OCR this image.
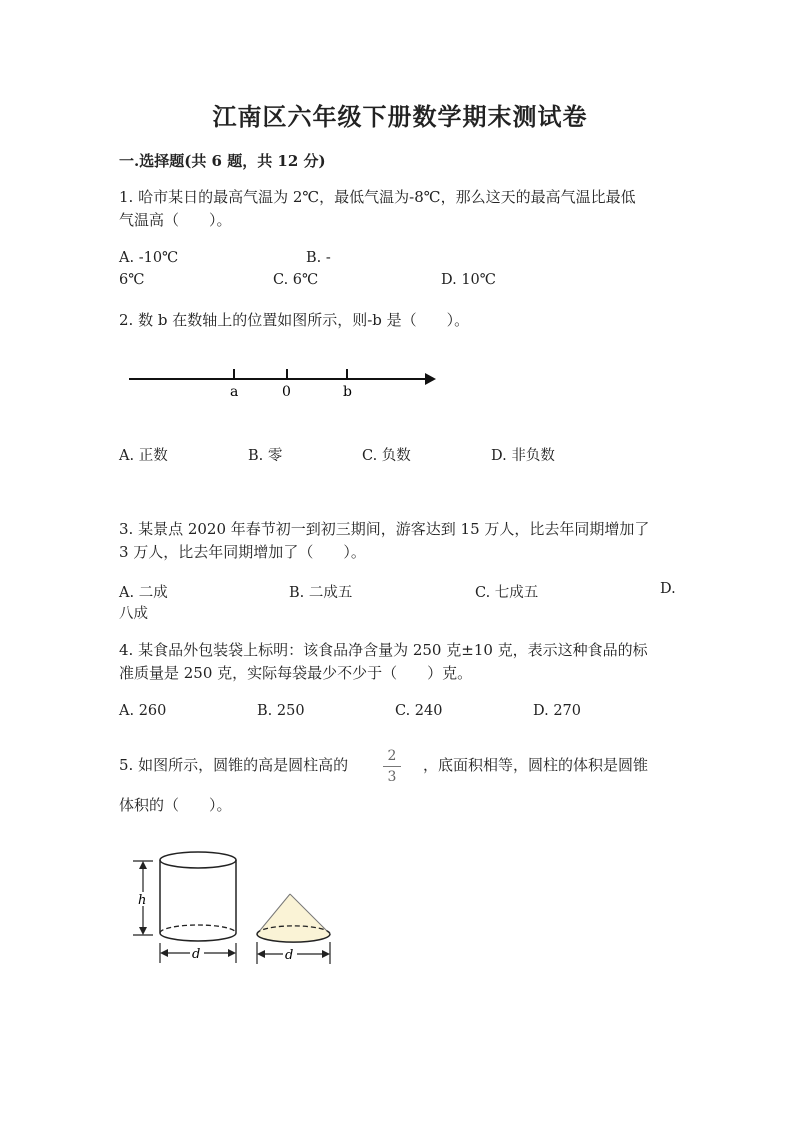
江南区六年级下册数学期末测试卷
一.选择题(共 6 题，共 12 分)
1. 哈市某日的最高气温为 2℃，最低气温为-8℃，那么这天的最高气温比最低
气温高（　　）。
A. -10℃	B. -
6℃	C. 6℃	D. 10℃
2. 数 b 在数轴上的位置如图所示，则-b 是（　　）。
a	0	b
A. 正数	B. 零	C. 负数	D. 非负数
3. 某景点 2020 年春节初一到初三期间，游客达到 15 万人，比去年同期增加了
3 万人，比去年同期增加了（　　）。
A. 二成	B. 二成五	C. 七成五	D.
八成
4. 某食品外包装袋上标明：该食品净含量为 250 克±10 克，表示这种食品的标
准质量是 250 克，实际每袋最少不少于（　　）克。
A. 260	B. 250	C. 240	D. 270
5. 如图所示，圆锥的高是圆柱高的	2
3
，底面积相等，圆柱的体积是圆锥
体积的（　　）。
h
d	d
